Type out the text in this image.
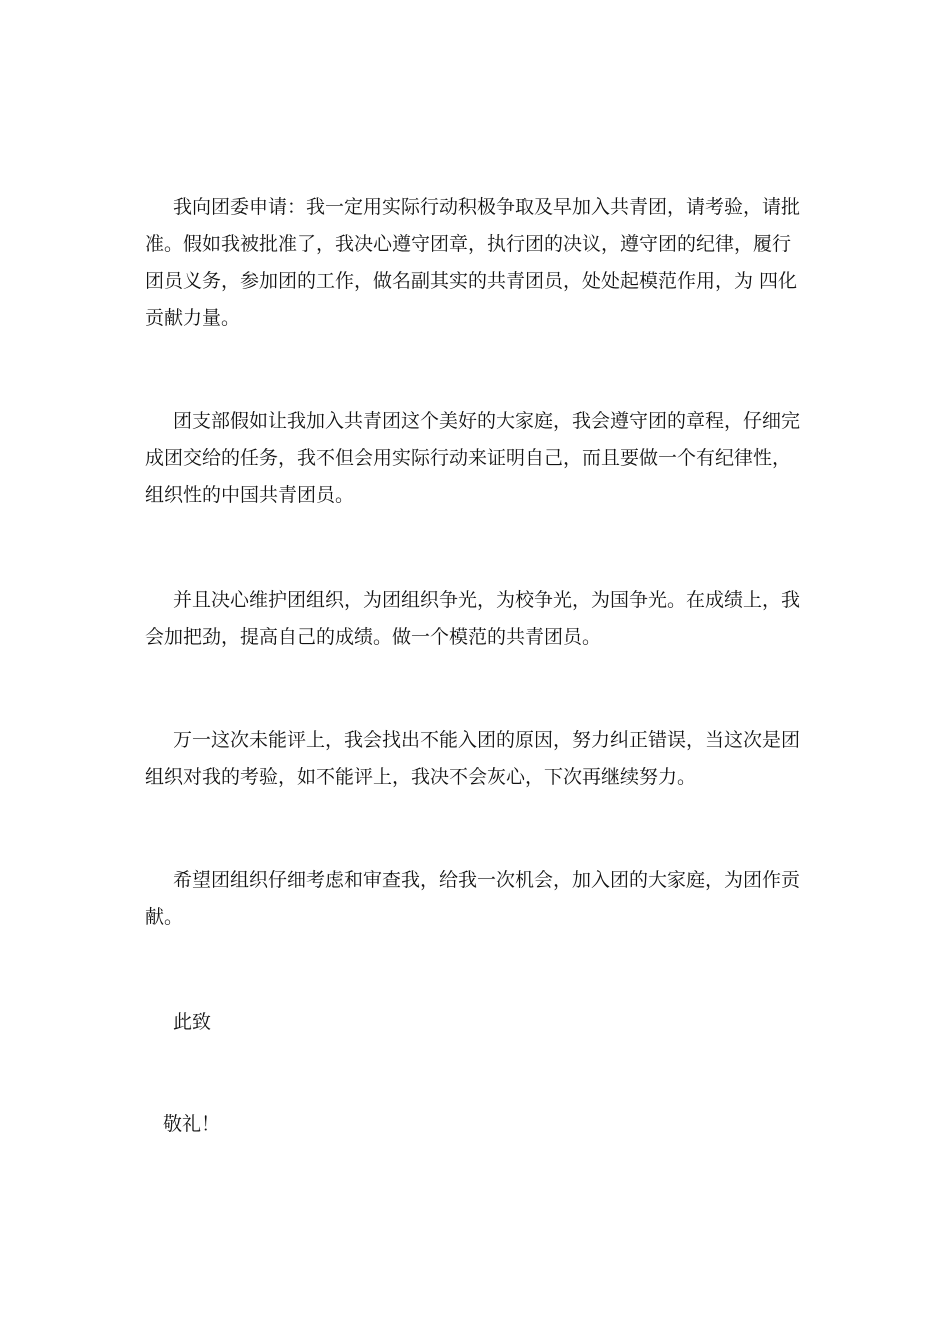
我向团委申请：我一定用实际行动积极争取及早加入共青团，请考验，请批
准。假如我被批准了，我决心遵守团章，执行团的决议，遵守团的纪律，履行
团员义务，参加团的工作，做名副其实的共青团员，处处起模范作用，为 四化
贡献力量。
团支部假如让我加入共青团这个美好的大家庭，我会遵守团的章程，仔细完
成团交给的任务，我不但会用实际行动来证明自己，而且要做一个有纪律性，
组织性的中国共青团员。
并且决心维护团组织，为团组织争光，为校争光，为国争光。在成绩上，我
会加把劲，提高自己的成绩。做一个模范的共青团员。
万一这次未能评上，我会找出不能入团的原因，努力纠正错误，当这次是团
组织对我的考验，如不能评上，我决不会灰心，下次再继续努力。
希望团组织仔细考虑和审查我，给我一次机会，加入团的大家庭，为团作贡
献。

此致

敬礼！
